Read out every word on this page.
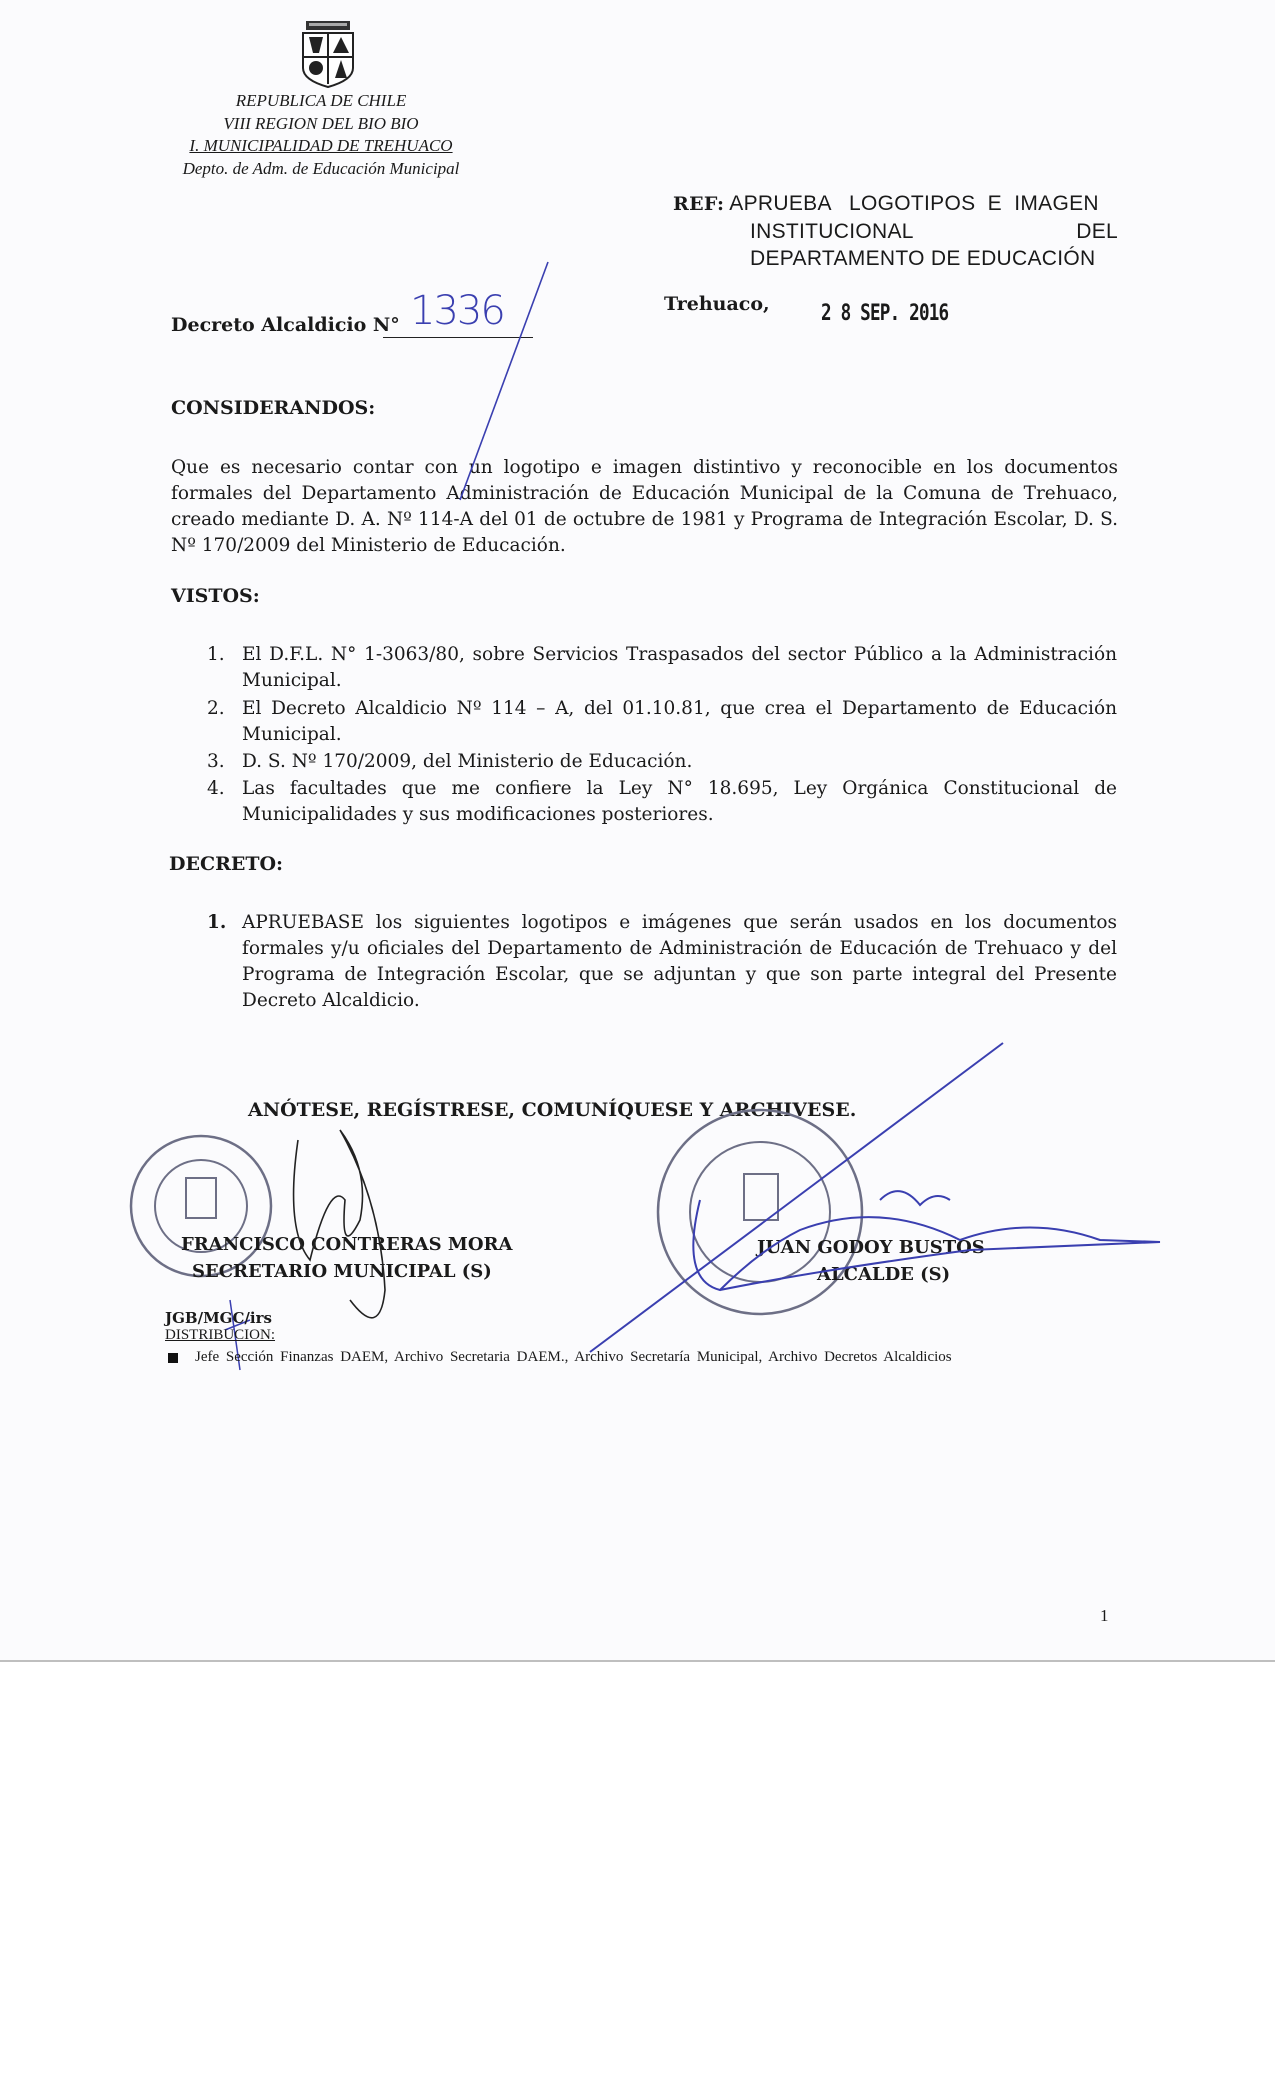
REPUBLICA DE CHILE
VIII REGION DEL BIO BIO
I. MUNICIPALIDAD DE TREHUACO
Depto. de Adm. de Educación Municipal
REF: APRUEBA   LOGOTIPOS  E  IMAGEN
INSTITUCIONAL	DEL
DEPARTAMENTO DE EDUCACIÓN
Decreto Alcaldicio N° 1336	Trehuaco, 2 8 SEP. 2016
CONSIDERANDOS:
Que es necesario contar con un logotipo e imagen distintivo y reconocible en los documentos formales del Departamento Administración de Educación Municipal de la Comuna de Trehuaco, creado mediante D. A. Nº 114-A del 01 de octubre de 1981 y Programa de Integración Escolar, D. S. Nº 170/2009 del Ministerio de Educación.
VISTOS:
1. El D.F.L. N° 1-3063/80, sobre Servicios Traspasados del sector Público a la Administración Municipal.
2. El Decreto Alcaldicio Nº 114 – A, del 01.10.81, que crea el Departamento de Educación Municipal.
3. D. S. Nº 170/2009, del Ministerio de Educación.
4. Las facultades que me confiere la Ley N° 18.695, Ley Orgánica Constitucional de Municipalidades y sus modificaciones posteriores.
DECRETO:
1. APRUEBASE los siguientes logotipos e imágenes que serán usados en los documentos formales y/u oficiales del Departamento de Administración de Educación de Trehuaco y del Programa de Integración Escolar, que se adjuntan y que son parte integral del Presente Decreto Alcaldicio.
ANÓTESE, REGÍSTRESE, COMUNÍQUESE Y ARCHIVESE.
FRANCISCO CONTRERAS MORA
SECRETARIO MUNICIPAL (S)
JUAN GODOY BUSTOS
ALCALDE (S)
JGB/MGC/irs
DISTRIBUCION:
Jefe Sección Finanzas DAEM, Archivo Secretaria DAEM., Archivo Secretaría Municipal, Archivo Decretos Alcaldicios
1
